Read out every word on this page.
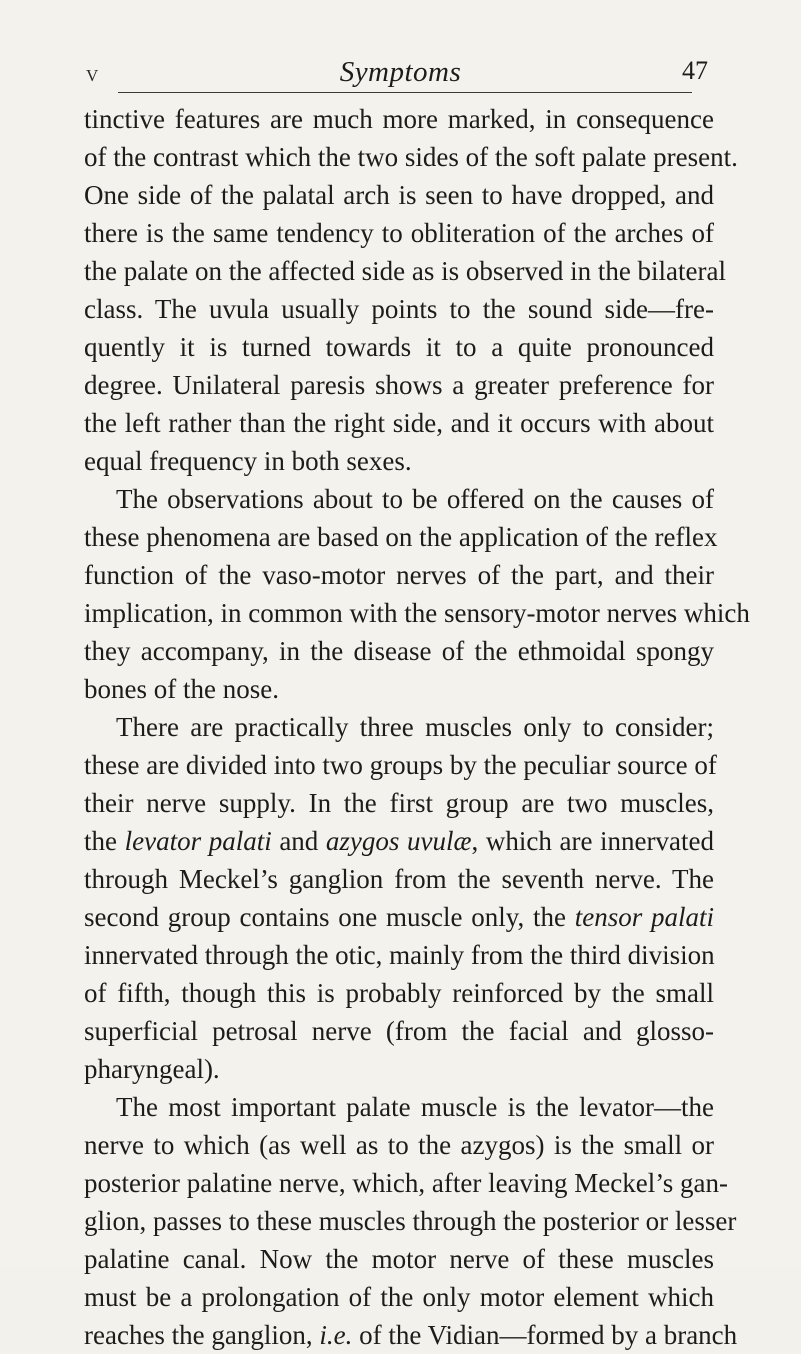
V	Symptoms	47
tinctive features are much more marked, in consequence
of the contrast which the two sides of the soft palate present.
One side of the palatal arch is seen to have dropped, and
there is the same tendency to obliteration of the arches of
the palate on the affected side as is observed in the bilateral
class. The uvula usually points to the sound side—fre-
quently it is turned towards it to a quite pronounced
degree. Unilateral paresis shows a greater preference for
the left rather than the right side, and it occurs with about
equal frequency in both sexes.
The observations about to be offered on the causes of
these phenomena are based on the application of the reflex
function of the vaso-motor nerves of the part, and their
implication, in common with the sensory-motor nerves which
they accompany, in the disease of the ethmoidal spongy
bones of the nose.
There are practically three muscles only to consider;
these are divided into two groups by the peculiar source of
their nerve supply. In the first group are two muscles,
the levator palati and azygos uvulæ, which are innervated
through Meckel’s ganglion from the seventh nerve. The
second group contains one muscle only, the tensor palati
innervated through the otic, mainly from the third division
of fifth, though this is probably reinforced by the small
superficial petrosal nerve (from the facial and glosso-
pharyngeal).
The most important palate muscle is the levator—the
nerve to which (as well as to the azygos) is the small or
posterior palatine nerve, which, after leaving Meckel’s gan-
glion, passes to these muscles through the posterior or lesser
palatine canal. Now the motor nerve of these muscles
must be a prolongation of the only motor element which
reaches the ganglion, i.e. of the Vidian—formed by a branch
